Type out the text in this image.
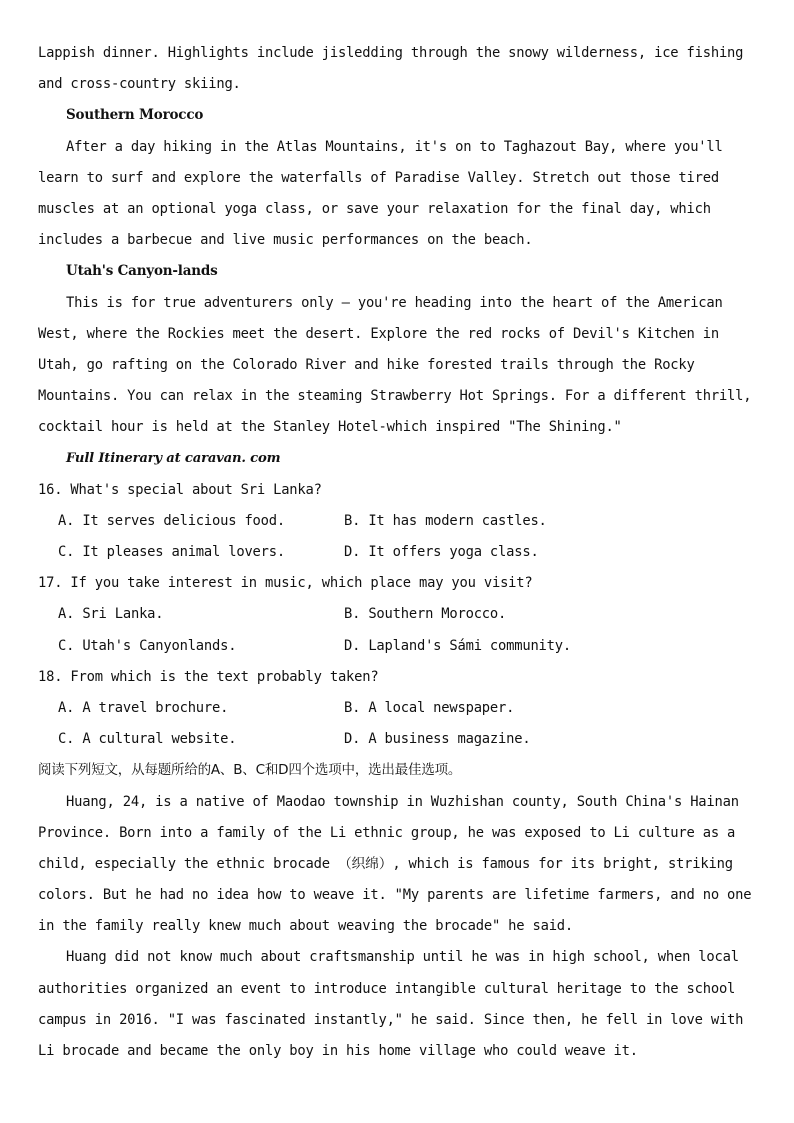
Lappish dinner. Highlights include jisledding through the snowy wilderness, ice fishing
and cross-country skiing.
Southern Morocco
After a day hiking in the Atlas Mountains, it's on to Taghazout Bay, where you'll
learn to surf and explore the waterfalls of Paradise Valley. Stretch out those tired
muscles at an optional yoga class, or save your relaxation for the final day, which
includes a barbecue and live music performances on the beach.
Utah's Canyon-lands
This is for true adventurers only — you're heading into the heart of the American
West, where the Rockies meet the desert. Explore the red rocks of Devil's Kitchen in
Utah, go rafting on the Colorado River and hike forested trails through the Rocky
Mountains. You can relax in the steaming Strawberry Hot Springs. For a different thrill,
cocktail hour is held at the Stanley Hotel-which inspired "The Shining."
Full Itinerary at caravan. com
16. What's special about Sri Lanka?
A. It serves delicious food.	B. It has modern castles.
C. It pleases animal lovers.	D. It offers yoga class.
17. If you take interest in music, which place may you visit?
A. Sri Lanka.	B. Southern Morocco.
C. Utah's Canyonlands.	D. Lapland's Sámi community.
18. From which is the text probably taken?
A. A travel brochure.	B. A local newspaper.
C. A cultural website.	D. A business magazine.
阅读下列短文，从每题所给的A、B、C和D四个选项中，选出最佳选项。
Huang, 24, is a native of Maodao township in Wuzhishan county, South China's Hainan
Province. Born into a family of the Li ethnic group, he was exposed to Li culture as a
child, especially the ethnic brocade （织绵）, which is famous for its bright, striking
colors. But he had no idea how to weave it. "My parents are lifetime farmers, and no one
in the family really knew much about weaving the brocade" he said.
Huang did not know much about craftsmanship until he was in high school, when local
authorities organized an event to introduce intangible cultural heritage to the school
campus in 2016. "I was fascinated instantly," he said. Since then, he fell in love with
Li brocade and became the only boy in his home village who could weave it.
